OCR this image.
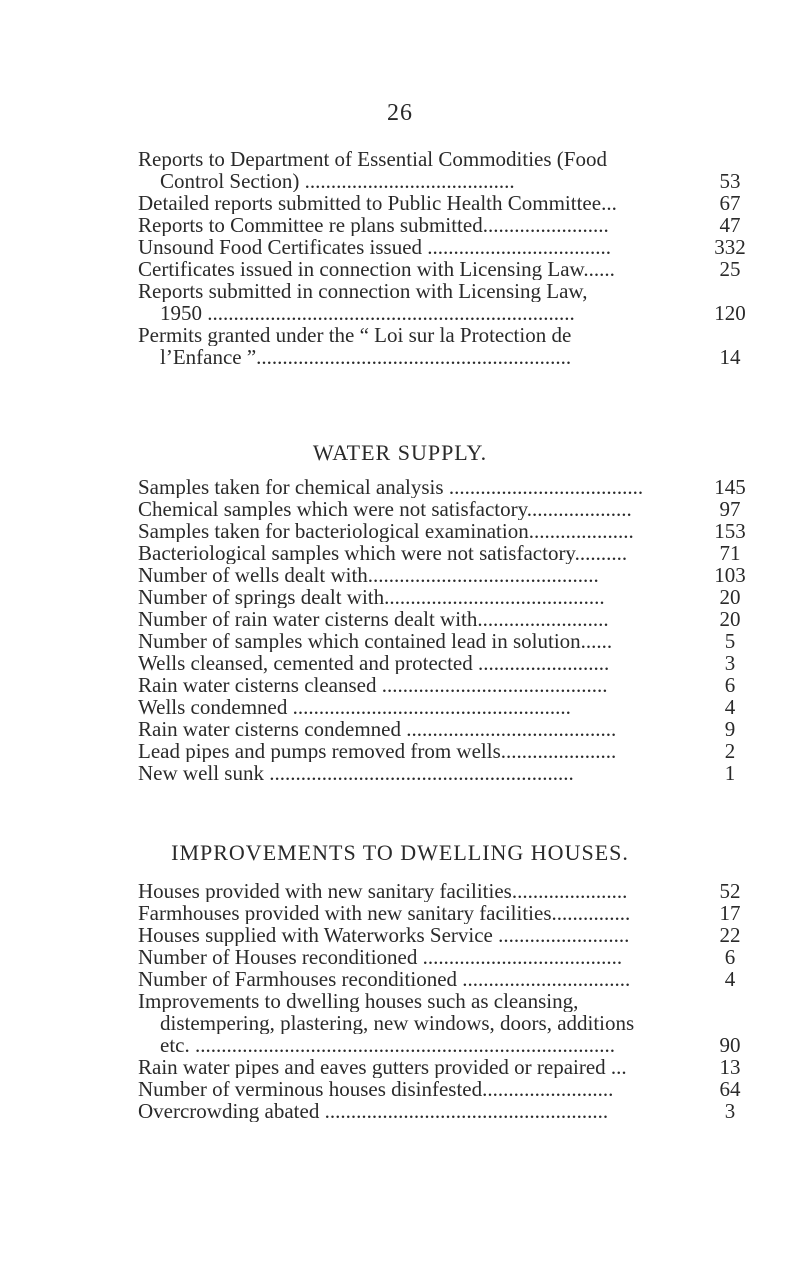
26
Reports to Department of Essential Commodities (Food
Control Section) ........................................	53
Detailed reports submitted to Public Health Committee...	67
Reports to Committee re plans submitted........................	47
Unsound Food Certificates issued ...................................	332
Certificates issued in connection with Licensing Law......	25
Reports submitted in connection with Licensing Law,
1950 ......................................................................	120
Permits granted under the “ Loi sur la Protection de
l’Enfance ”............................................................	14
WATER SUPPLY.
Samples taken for chemical analysis .....................................	145
Chemical samples which were not satisfactory....................	97
Samples taken for bacteriological examination....................	153
Bacteriological samples which were not satisfactory..........	71
Number of wells dealt with............................................	103
Number of springs dealt with..........................................	20
Number of rain water cisterns dealt with.........................	20
Number of samples which contained lead in solution......	5
Wells cleansed, cemented and protected .........................	3
Rain water cisterns cleansed ...........................................	6
Wells condemned .....................................................	4
Rain water cisterns condemned ........................................	9
Lead pipes and pumps removed from wells......................	2
New well sunk ..........................................................	1
IMPROVEMENTS TO DWELLING HOUSES.
Houses provided with new sanitary facilities......................	52
Farmhouses provided with new sanitary facilities...............	17
Houses supplied with Waterworks Service .........................	22
Number of Houses reconditioned ......................................	6
Number of Farmhouses reconditioned ................................	4
Improvements to dwelling houses such as cleansing,
distempering, plastering, new windows, doors, additions
etc. ................................................................................	90
Rain water pipes and eaves gutters provided or repaired ...	13
Number of verminous houses disinfested.........................	64
Overcrowding abated ......................................................	3
